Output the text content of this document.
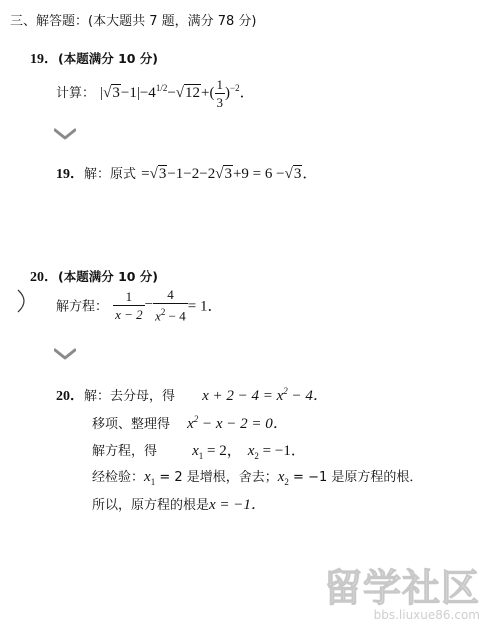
三、解答题：(本大题共 7 题，满分 78 分)
19．(本题满分 10 分)
计算： $|√3-1|-4^{1/2}-√12+( \frac{1}{3} )^{-2}$．
19．解：原式 =√3−1−2−2√3+9 = 6 −√3．
20．(本题满分 10 分)
解方程： $\frac{1}{x - 2} - \frac{4}{x^2 - 4} = 1$．
20．解：去分母，得 $x + 2 - 4 = x^2 - 4$．
移项、整理得 $x^2 - x - 2 = 0$．
解方程，得 $x_1 = 2$， $x_2 = -1$．
经检验：$x_1 = 2$ 是增根，舍去；$x_2 = -1$ 是原方程的根．
所以，原方程的根是x = −1．
留学社区
bbs.liuxue86.com
